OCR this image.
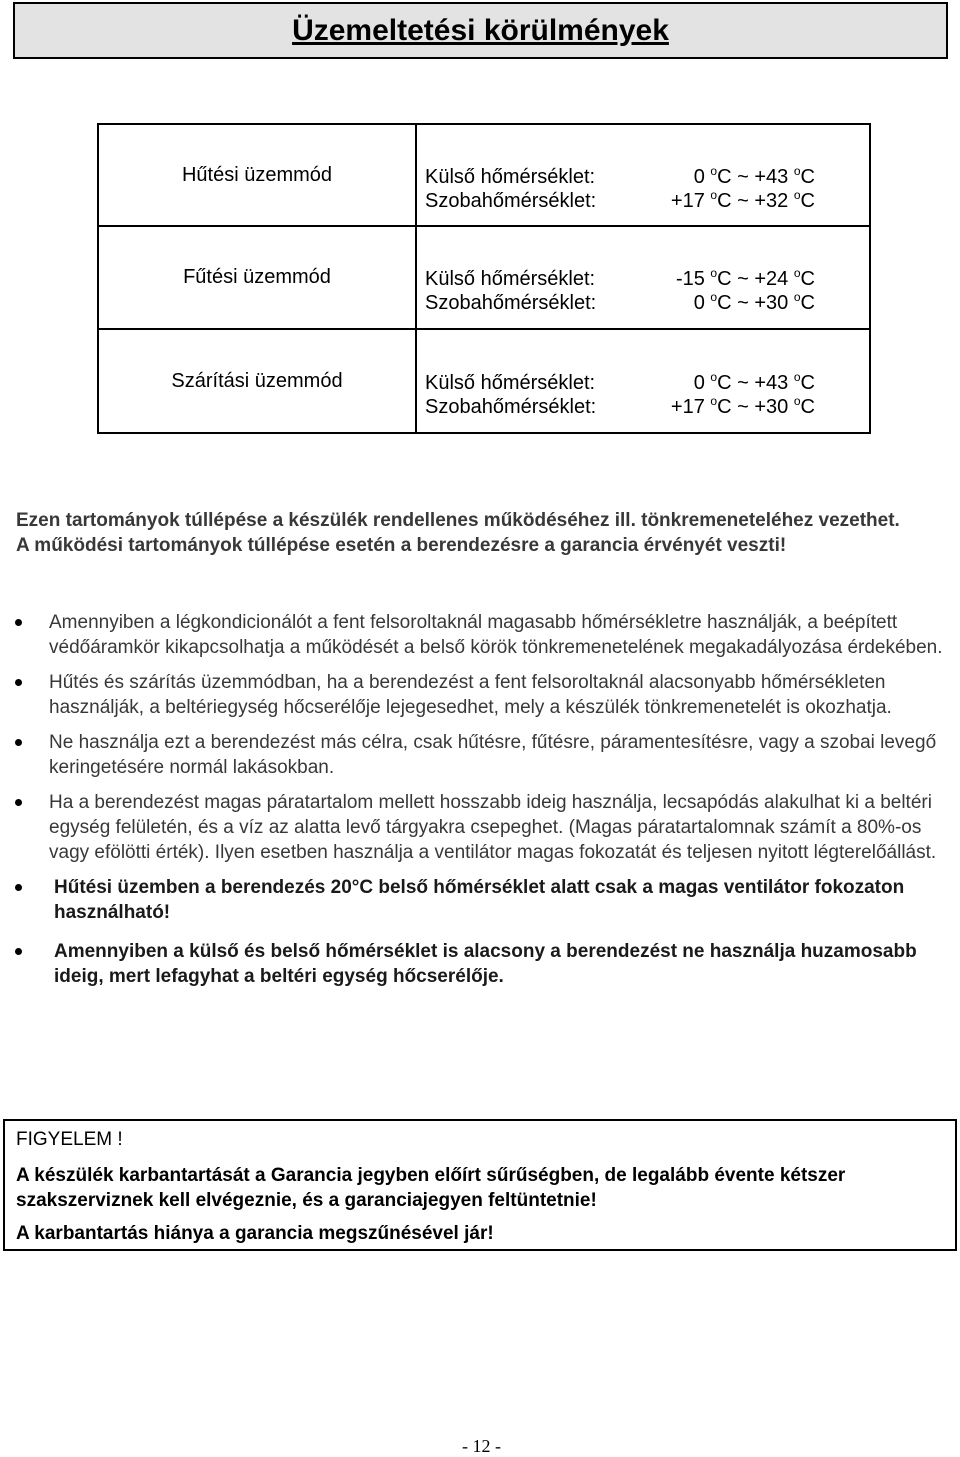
Üzemeltetési körülmények
Hűtési üzemmód	Külső hőmérséklet: 0 $^o$C ~ +43 $^o$C
Szobahőmérséklet: +17 $^o$C ~ +32 $^o$C

Fűtési üzemmód	Külső hőmérséklet: -15 $^o$C ~ +24 $^o$C
Szobahőmérséklet: 0 $^o$C ~ +30 $^o$C

Szárítási üzemmód	Külső hőmérséklet: 0 $^o$C ~ +43 $^o$C
Szobahőmérséklet: +17 $^o$C ~ +30 $^o$C

Ezen tartományok túllépése a készülék rendellenes működéséhez ill. tönkremeneteléhez vezethet.

A működési tartományok túllépése esetén a berendezésre a garancia érvényét veszti!

Amennyiben a légkondicionálót a fent felsoroltaknál magasabb hőmérsékletre használják, a beépített védőáramkör kikapcsolhatja a működését a belső körök tönkremenetelének megakadályozása érdekében.
Hűtés és szárítás üzemmódban, ha a berendezést a fent felsoroltaknál alacsonyabb hőmérsékleten használják, a beltériegység hőcserélője lejegesedhet, mely a készülék tönkremenetelét is okozhatja.
Ne használja ezt a berendezést más célra, csak hűtésre, fűtésre, páramentesítésre, vagy a szobai levegő keringetésére normál lakásokban.
Ha a berendezést magas páratartalom mellett hosszabb ideig használja, lecsapódás alakulhat ki a beltéri egység felületén, és a víz az alatta levő tárgyakra csepeghet. (Magas páratartalomnak számít a 80%-os vagy efölötti érték). Ilyen esetben használja a ventilátor magas fokozatát és teljesen nyitott légterelőállást.
Hűtési üzemben a berendezés 20°C belső hőmérséklet alatt csak a magas ventilátor fokozaton használható!
Amennyiben a külső és belső hőmérséklet is alacsony a berendezést ne használja huzamosabb ideig, mert lefagyhat a beltéri egység hőcserélője.

FIGYELEM !

A készülék karbantartását a Garancia jegyben előírt sűrűségben, de legalább évente kétszer szakszerviznek kell elvégeznie, és a garanciajegyen feltüntetnie!

A karbantartás hiánya a garancia megszűnésével jár!

- 12 -
